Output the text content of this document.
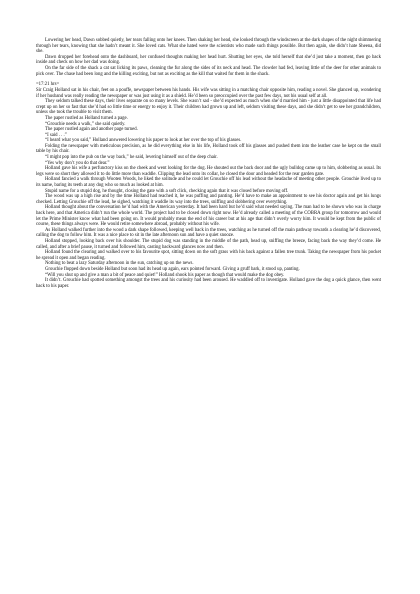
Lowering her head, Dawn sobbed quietly, her tears falling onto her knees. Then shaking her head, she looked through the windscreen at the dark shapes of the night shimmering through her tears, knowing that she hadn’t meant it. She loved cats. What she hated were the scientists who made such things possible. But then again, she didn’t hate Sheena, did she.

Dawn dropped her forehead onto the dashboard, her confused thoughts making her head hurt. Shutting her eyes, she told herself that she’d just take a moment, then go back inside and check on how her dad was doing.

On the far side of the shack a cat sat licking its paws, cleaning the fur along the sides of its neck and head. The clowder had fed, leaving little of the deer for other animals to pick over. The chase had been long and the killing exciting, but not as exciting as the kill that waited for them in the shack.

=17:21 hrs=

Sir Craig Holland sat in his chair, feet on a pouffe, newspaper between his hands. His wife was sitting in a matching chair opposite him, reading a novel. She glanced up, wondering if her husband was really reading the newspaper or was just using it as a shield. He’d been so preoccupied over the past few days, not his usual self at all.

They seldom talked these days, their lives separate on so many levels. She wasn’t sad - she’d expected as much when she’d married him - just a little disappointed that life had crept up on her so fast that she’d had so little time or energy to enjoy it. Their children had grown up and left, seldom visiting these days, and she didn’t get to see her grandchildren, unless she took the trouble to visit them.

The paper rustled as Holland turned a page.

“Grouchie needs a walk,” she said quietly.

The paper rustled again and another page turned.

“I said . . .”

“I heard what you said,” Holland answered lowering his paper to look at her over the top of his glasses.

Folding the newspaper with meticulous precision, as he did everything else in his life, Holland took off his glasses and pushed them into the leather case he kept on the small table by his chair.

“I might pop into the pub on the way back,” he said, levering himself out of the deep chair.

“Yes why don’t you do that dear.”

Holland gave his wife a perfunctory kiss on the cheek and went looking for the dog. He shouted out the back door and the ugly bulldog came up to him, slobbering as usual. Its legs were so short they allowed it to do little more than waddle. Clipping the lead onto its collar, he closed the door and headed for the rear garden gate.

Holland fancied a walk through Wooten Woods, he liked the solitude and he could let Grouchie off his lead without the headache of meeting other people. Grouchie lived up to its name, baring its teeth at any dog who so much as looked at him.

Stupid name for a stupid dog, he thought, closing the gate with a soft click, checking again that it was closed before moving off.

The wood was up a high rise and by the time Holland had reached it, he was puffing and panting. He’d have to make an appointment to see his doctor again and get his lungs checked. Letting Grouchie off the lead, he sighed, watching it waddle its way into the trees, sniffing and slobbering over everything.

Holland thought about the conversation he’d had with the American yesterday. It had been hard but he’d said what needed saying. The man had to be shown who was in charge back here, and that America didn’t run the whole world. The project had to be closed down right now. He’d already called a meeting of the COBRA group for tomorrow and would let the Prime Minister know what had been going on. It would probably mean the end of his career but at his age that didn’t overly worry him. It would be kept from the public of course, these things always were. He would retire somewhere abroad, probably without his wife.

As Holland walked further into the wood a dark shape followed, keeping well back in the trees, watching as he turned off the main pathway towards a clearing he’d discovered, calling the dog to follow him. It was a nice place to sit in the late afternoon sun and have a quiet snooze.

Holland stopped, looking back over his shoulder. The stupid dog was standing in the middle of the path, head up, sniffing the breeze, facing back the way they’d come. He called, and after a brief pause, it turned and followed him, casting backward glances now and then.

Holland found the clearing and walked over to his favourite spot, sitting down on the soft grass with his back against a fallen tree trunk. Taking the newspaper from his pocket he spread it open and began reading.

Nothing to beat a lazy Saturday afternoon in the sun, catching up on the news.

Grouchie flopped down beside Holland but soon had its head up again, ears pointed forward. Giving a gruff bark, it stood up, panting.

“Will you shut up and give a man a bit of peace and quiet!” Holland shook his paper as though that would make the dog obey.

It didn’t. Grouchie had spotted something amongst the trees and his curiosity had been aroused. He waddled off to investigate. Holland gave the dog a quick glance, then went back to his paper.
